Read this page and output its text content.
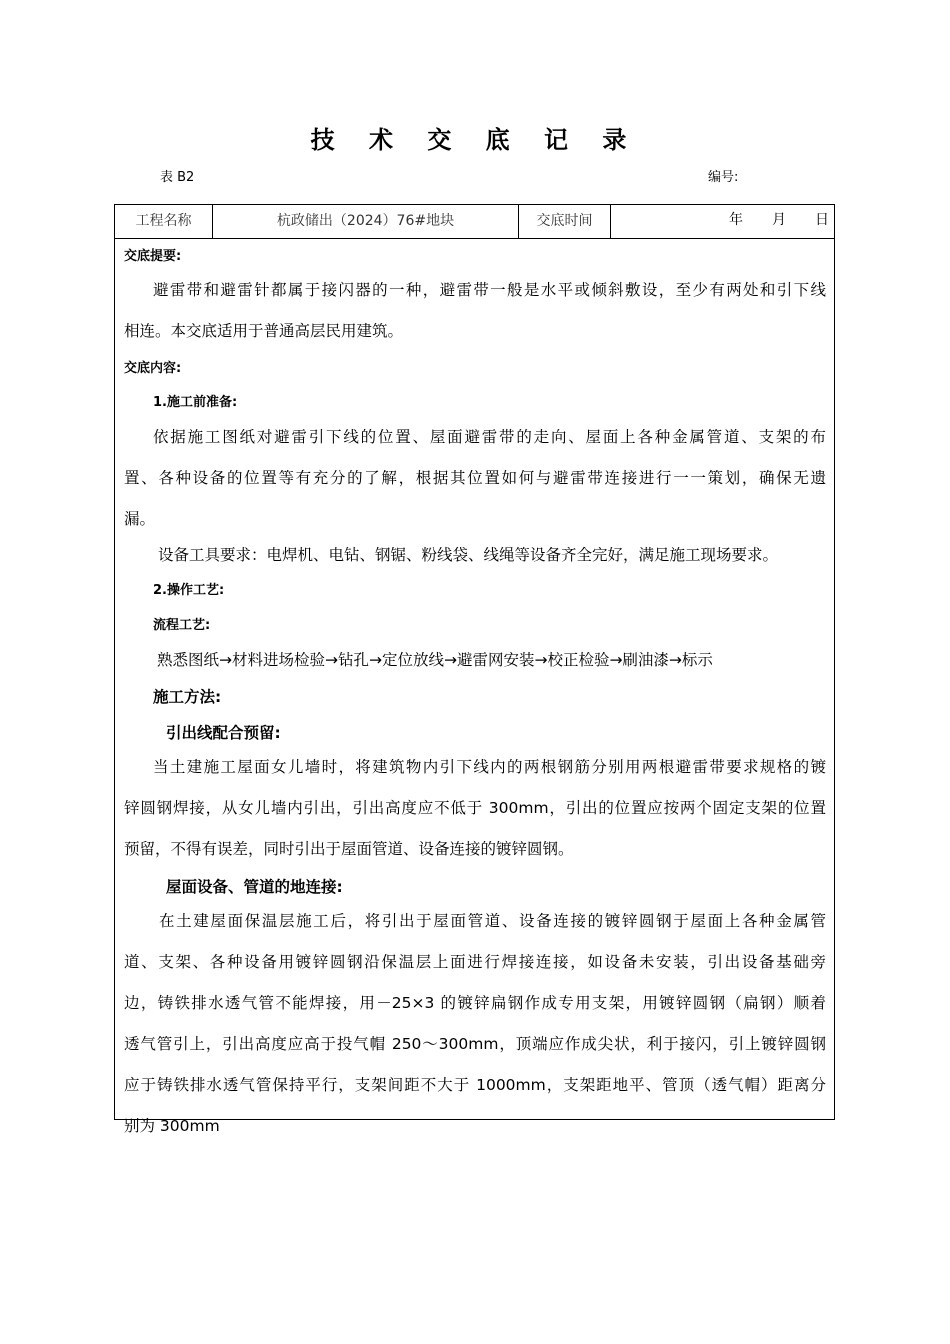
技 术 交 底 记 录
表 B2	编号:
工程名称	杭政储出（2024）76#地块	交底时间	年 月 日
交底提要:
避雷带和避雷针都属于接闪器的一种，避雷带一般是水平或倾斜敷设，至少有两处和引下线
相连。本交底适用于普通高层民用建筑。
交底内容:
1.施工前准备:
依据施工图纸对避雷引下线的位置、屋面避雷带的走向、屋面上各种金属管道、支架的布
置、各种设备的位置等有充分的了解，根据其位置如何与避雷带连接进行一一策划，确保无遗
漏。
设备工具要求：电焊机、电钻、钢锯、粉线袋、线绳等设备齐全完好，满足施工现场要求。
2.操作工艺:
流程工艺:
熟悉图纸→材料进场检验→钻孔→定位放线→避雷网安装→校正检验→刷油漆→标示
施工方法:
引出线配合预留:
当土建施工屋面女儿墙时，将建筑物内引下线内的两根钢筋分别用两根避雷带要求规格的镀
锌圆钢焊接，从女儿墙内引出，引出高度应不低于 300mm，引出的位置应按两个固定支架的位置
预留，不得有误差，同时引出于屋面管道、设备连接的镀锌圆钢。
屋面设备、管道的地连接:
在土建屋面保温层施工后，将引出于屋面管道、设备连接的镀锌圆钢于屋面上各种金属管
道、支架、各种设备用镀锌圆钢沿保温层上面进行焊接连接，如设备未安装，引出设备基础旁
边，铸铁排水透气管不能焊接，用－25×3 的镀锌扁钢作成专用支架，用镀锌圆钢（扁钢）顺着
透气管引上，引出高度应高于投气帽 250～300mm，顶端应作成尖状，利于接闪，引上镀锌圆钢
应于铸铁排水透气管保持平行，支架间距不大于 1000mm，支架距地平、管顶（透气帽）距离分
别为 300mm
